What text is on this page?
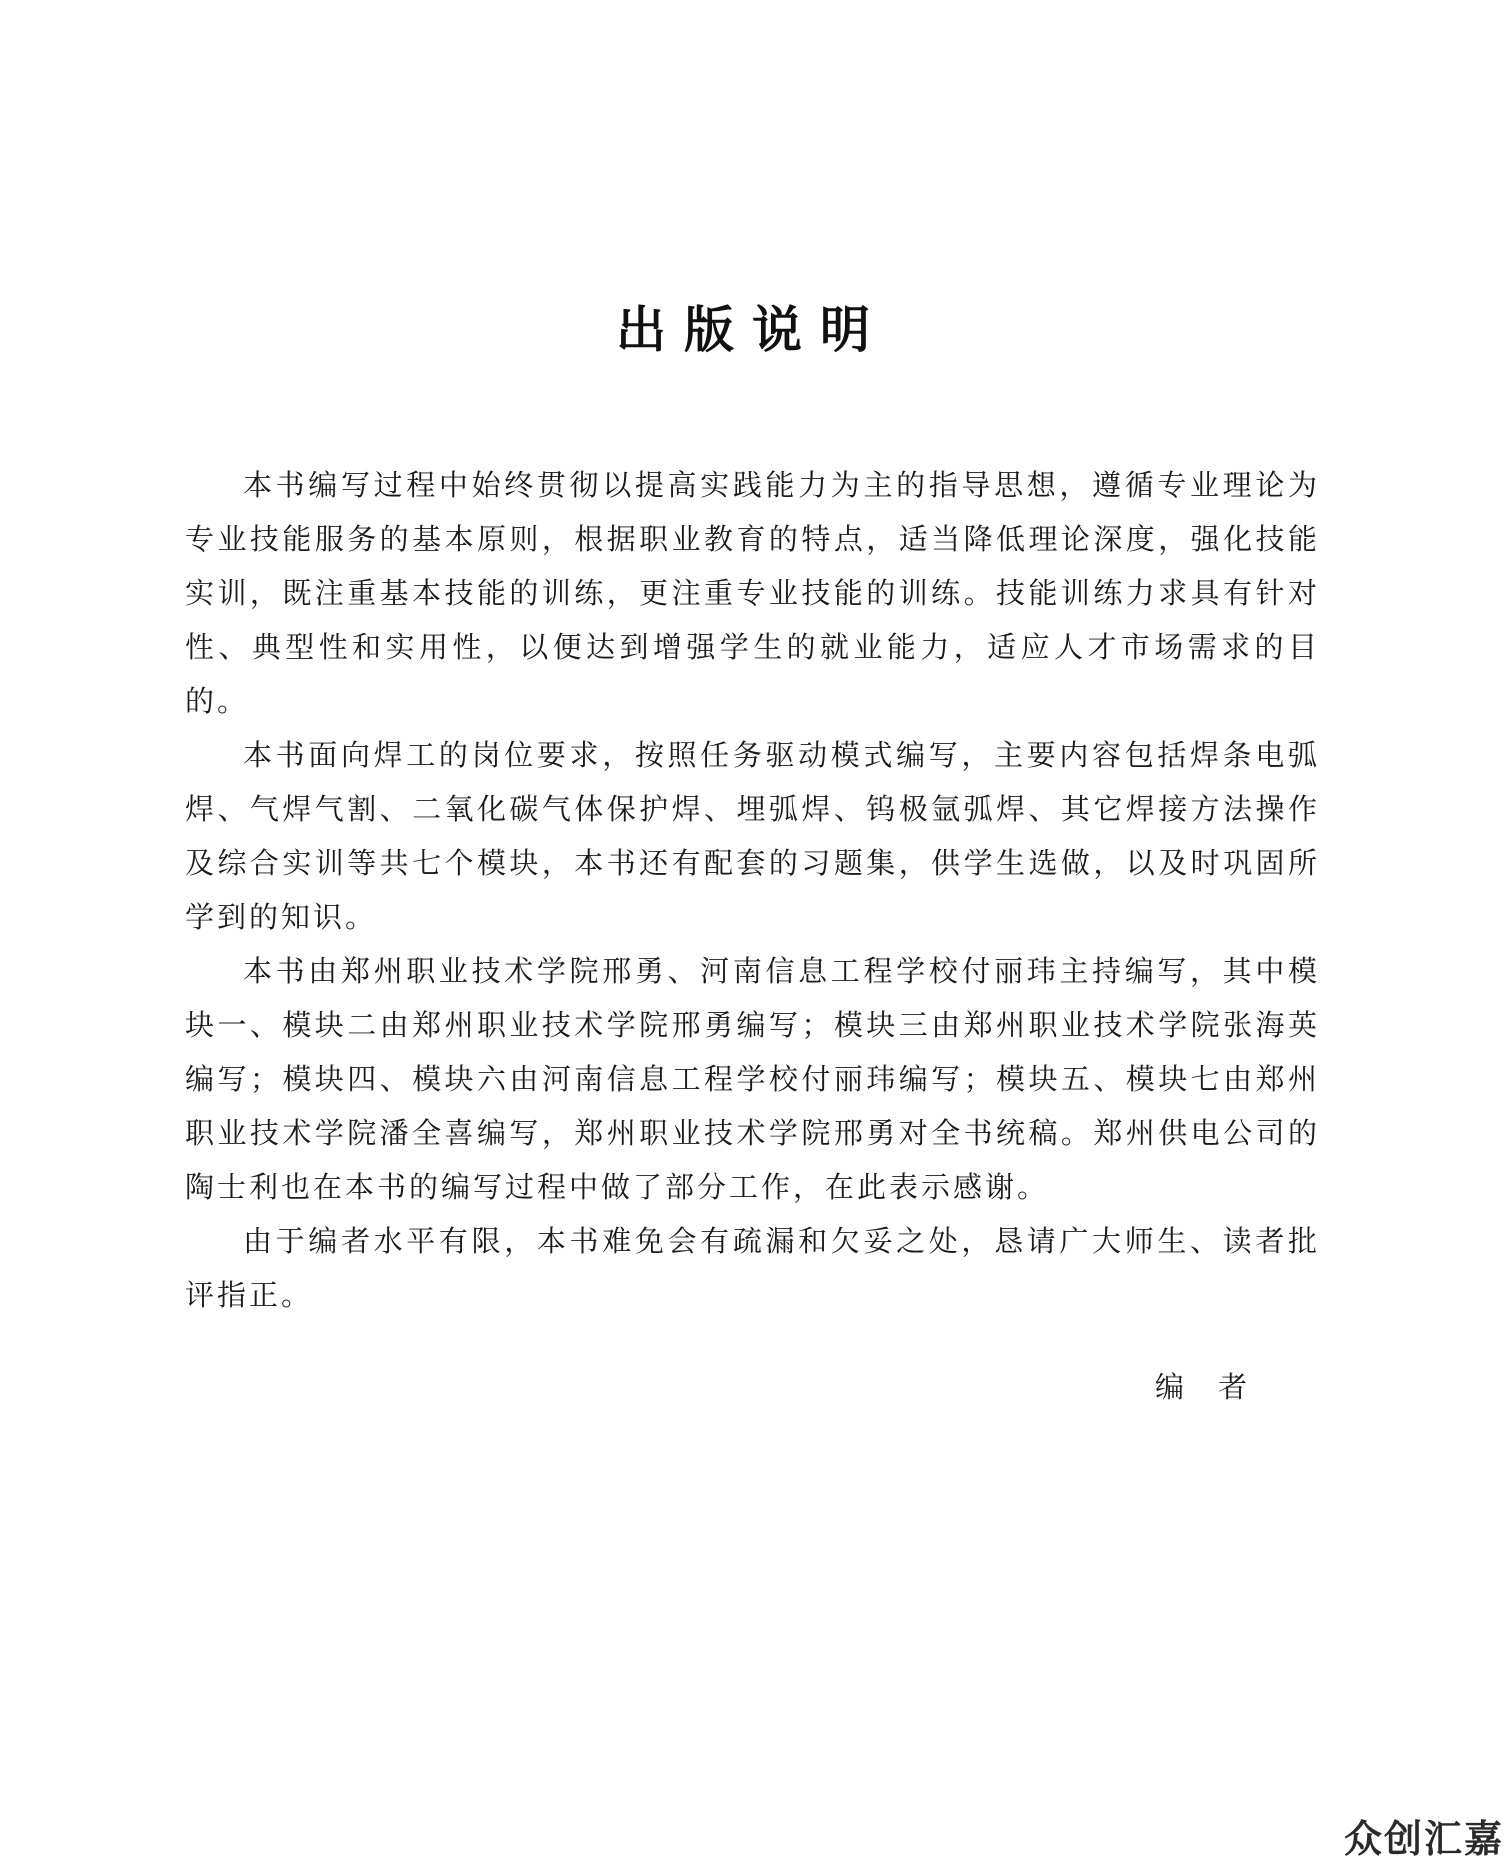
出版说明

本书编写过程中始终贯彻以提高实践能力为主的指导思想，遵循专业理论为专业技能服务的基本原则，根据职业教育的特点，适当降低理论深度，强化技能实训，既注重基本技能的训练，更注重专业技能的训练。技能训练力求具有针对性、典型性和实用性，以便达到增强学生的就业能力，适应人才市场需求的目的。

本书面向焊工的岗位要求，按照任务驱动模式编写，主要内容包括焊条电弧焊、气焊气割、二氧化碳气体保护焊、埋弧焊、钨极氩弧焊、其它焊接方法操作及综合实训等共七个模块，本书还有配套的习题集，供学生选做，以及时巩固所学到的知识。

本书由郑州职业技术学院邢勇、河南信息工程学校付丽玮主持编写，其中模块一、模块二由郑州职业技术学院邢勇编写；模块三由郑州职业技术学院张海英编写；模块四、模块六由河南信息工程学校付丽玮编写；模块五、模块七由郑州职业技术学院潘全喜编写，郑州职业技术学院邢勇对全书统稿。郑州供电公司的陶士利也在本书的编写过程中做了部分工作，在此表示感谢。

由于编者水平有限，本书难免会有疏漏和欠妥之处，恳请广大师生、读者批评指正。

编者

众创汇嘉
